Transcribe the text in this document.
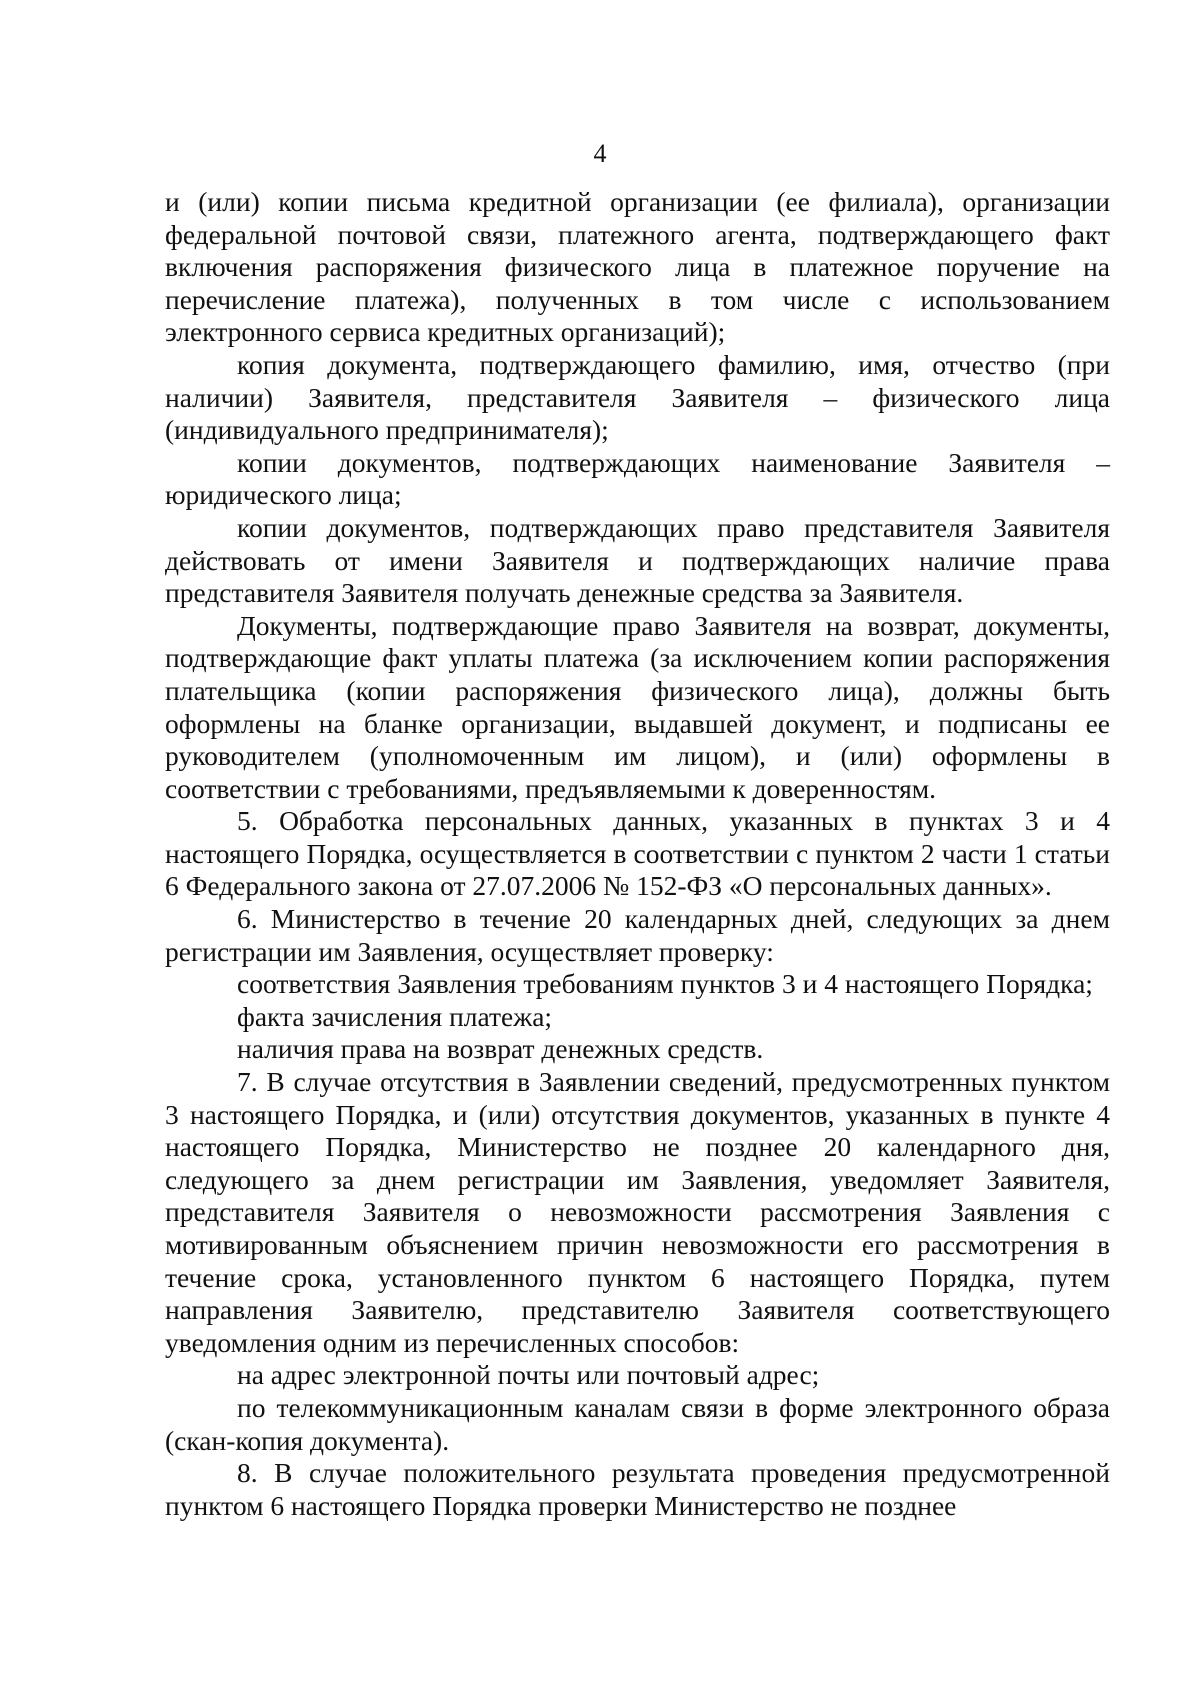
4

и (или) копии письма кредитной организации (ее филиала), организации федеральной почтовой связи, платежного агента, подтверждающего факт включения распоряжения физического лица в платежное поручение на перечисление платежа), полученных в том числе с использованием электронного сервиса кредитных организаций);

копия документа, подтверждающего фамилию, имя, отчество (при наличии) Заявителя, представителя Заявителя – физического лица (индивидуального предпринимателя);

копии документов, подтверждающих наименование Заявителя – юридического лица;

копии документов, подтверждающих право представителя Заявителя действовать от имени Заявителя и подтверждающих наличие права представителя Заявителя получать денежные средства за Заявителя.

Документы, подтверждающие право Заявителя на возврат, документы, подтверждающие факт уплаты платежа (за исключением копии распоряжения плательщика (копии распоряжения физического лица), должны быть оформлены на бланке организации, выдавшей документ, и подписаны ее руководителем (уполномоченным им лицом), и (или) оформлены в соответствии с требованиями, предъявляемыми к доверенностям.

5. Обработка персональных данных, указанных в пунктах 3 и 4 настоящего Порядка, осуществляется в соответствии с пунктом 2 части 1 статьи 6 Федерального закона от 27.07.2006 № 152-ФЗ «О персональных данных».

6. Министерство в течение 20 календарных дней, следующих за днем регистрации им Заявления, осуществляет проверку:

соответствия Заявления требованиям пунктов 3 и 4 настоящего Порядка;

факта зачисления платежа;

наличия права на возврат денежных средств.

7. В случае отсутствия в Заявлении сведений, предусмотренных пунктом 3 настоящего Порядка, и (или) отсутствия документов, указанных в пункте 4 настоящего Порядка, Министерство не позднее 20 календарного дня, следующего за днем регистрации им Заявления, уведомляет Заявителя, представителя Заявителя о невозможности рассмотрения Заявления с мотивированным объяснением причин невозможности его рассмотрения в течение срока, установленного пунктом 6 настоящего Порядка, путем направления Заявителю, представителю Заявителя соответствующего уведомления одним из перечисленных способов:

на адрес электронной почты или почтовый адрес;

по телекоммуникационным каналам связи в форме электронного образа (скан-копия документа).

8. В случае положительного результата проведения предусмотренной пунктом 6 настоящего Порядка проверки Министерство не позднее
